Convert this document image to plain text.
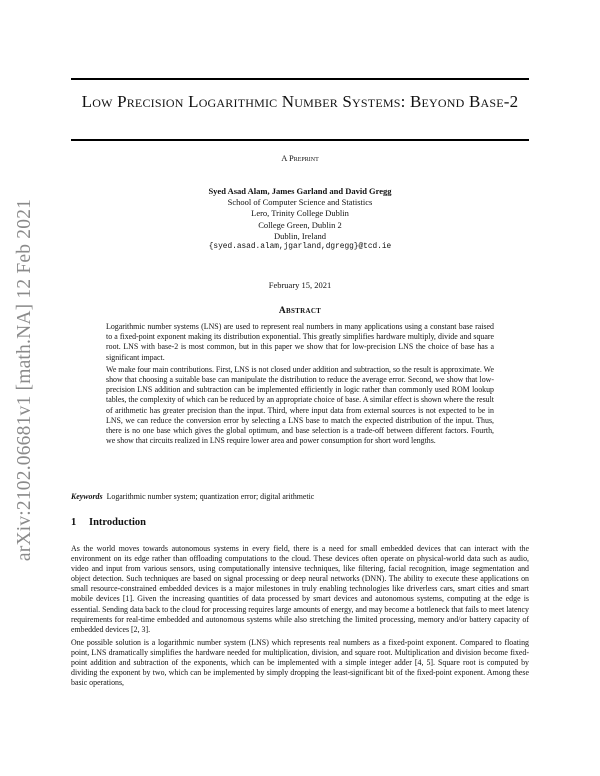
arXiv:2102.06681v1 [math.NA] 12 Feb 2021
Low Precision Logarithmic Number Systems: Beyond Base-2
A Preprint
Syed Asad Alam, James Garland and David Gregg
School of Computer Science and Statistics
Lero, Trinity College Dublin
College Green, Dublin 2
Dublin, Ireland
{syed.asad.alam,jgarland,dgregg}@tcd.ie
February 15, 2021
Abstract

Logarithmic number systems (LNS) are used to represent real numbers in many applications using a constant base raised to a fixed-point exponent making its distribution exponential. This greatly simplifies hardware multiply, divide and square root. LNS with base-2 is most common, but in this paper we show that for low-precision LNS the choice of base has a significant impact.

We make four main contributions. First, LNS is not closed under addition and subtraction, so the result is approximate. We show that choosing a suitable base can manipulate the distribution to reduce the average error. Second, we show that low-precision LNS addition and subtraction can be implemented efficiently in logic rather than commonly used ROM lookup tables, the complexity of which can be reduced by an appropriate choice of base. A similar effect is shown where the result of arithmetic has greater precision than the input. Third, where input data from external sources is not expected to be in LNS, we can reduce the conversion error by selecting a LNS base to match the expected distribution of the input. Thus, there is no one base which gives the global optimum, and base selection is a trade-off between different factors. Fourth, we show that circuits realized in LNS require lower area and power consumption for short word lengths.

Keywords Logarithmic number system; quantization error; digital arithmetic
1 Introduction

As the world moves towards autonomous systems in every field, there is a need for small embedded devices that can interact with the environment on its edge rather than offloading computations to the cloud. These devices often operate on physical-world data such as audio, video and input from various sensors, using computationally intensive techniques, like filtering, facial recognition, image segmentation and object detection. Such techniques are based on signal processing or deep neural networks (DNN). The ability to execute these applications on small resource-constrained embedded devices is a major milestones in truly enabling technologies like driverless cars, smart cities and smart mobile devices [1]. Given the increasing quantities of data processed by smart devices and autonomous systems, computing at the edge is essential. Sending data back to the cloud for processing requires large amounts of energy, and may become a bottleneck that fails to meet latency requirements for real-time embedded and autonomous systems while also stretching the limited processing, memory and/or battery capacity of embedded devices [2, 3].

One possible solution is a logarithmic number system (LNS) which represents real numbers as a fixed-point exponent. Compared to floating point, LNS dramatically simplifies the hardware needed for multiplication, division, and square root. Multiplication and division become fixed-point addition and subtraction of the exponents, which can be implemented with a simple integer adder [4, 5]. Square root is computed by dividing the exponent by two, which can be implemented by simply dropping the least-significant bit of the fixed-point exponent. Among these basic operations,
